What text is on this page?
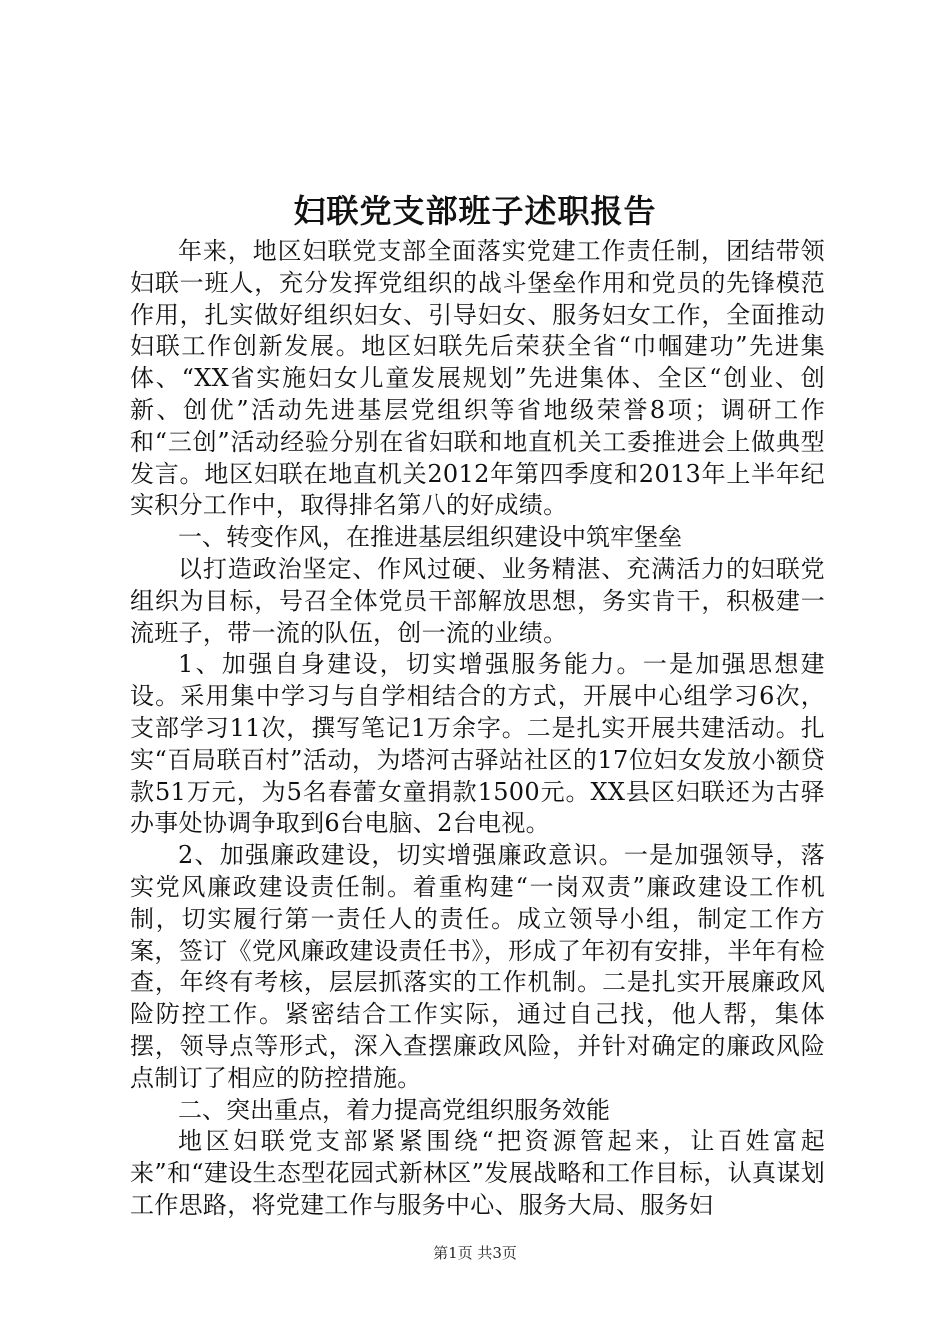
妇联党支部班子述职报告

年来，地区妇联党支部全面落实党建工作责任制，团结带领妇联一班人，充分发挥党组织的战斗堡垒作用和党员的先锋模范作用，扎实做好组织妇女、引导妇女、服务妇女工作，全面推动妇联工作创新发展。地区妇联先后荣获全省“巾帼建功”先进集体、“XX省实施妇女儿童发展规划”先进集体、全区“创业、创新、创优”活动先进基层党组织等省地级荣誉8项；调研工作和“三创”活动经验分别在省妇联和地直机关工委推进会上做典型发言。地区妇联在地直机关2012年第四季度和2013年上半年纪实积分工作中，取得排名第八的好成绩。

一、转变作风，在推进基层组织建设中筑牢堡垒

以打造政治坚定、作风过硬、业务精湛、充满活力的妇联党组织为目标，号召全体党员干部解放思想，务实肯干，积极建一流班子，带一流的队伍，创一流的业绩。

1、加强自身建设，切实增强服务能力。一是加强思想建设。采用集中学习与自学相结合的方式，开展中心组学习6次，支部学习11次，撰写笔记1万余字。二是扎实开展共建活动。扎实“百局联百村”活动，为塔河古驿站社区的17位妇女发放小额贷款51万元，为5名春蕾女童捐款1500元。XX县区妇联还为古驿办事处协调争取到6台电脑、2台电视。

2、加强廉政建设，切实增强廉政意识。一是加强领导，落实党风廉政建设责任制。着重构建“一岗双责”廉政建设工作机制，切实履行第一责任人的责任。成立领导小组，制定工作方案，签订《党风廉政建设责任书》，形成了年初有安排，半年有检查，年终有考核，层层抓落实的工作机制。二是扎实开展廉政风险防控工作。紧密结合工作实际，通过自己找，他人帮，集体摆，领导点等形式，深入查摆廉政风险，并针对确定的廉政风险点制订了相应的防控措施。

二、突出重点，着力提高党组织服务效能

地区妇联党支部紧紧围绕“把资源管起来，让百姓富起来”和“建设生态型花园式新林区”发展战略和工作目标，认真谋划工作思路，将党建工作与服务中心、服务大局、服务妇

第1页 共3页
